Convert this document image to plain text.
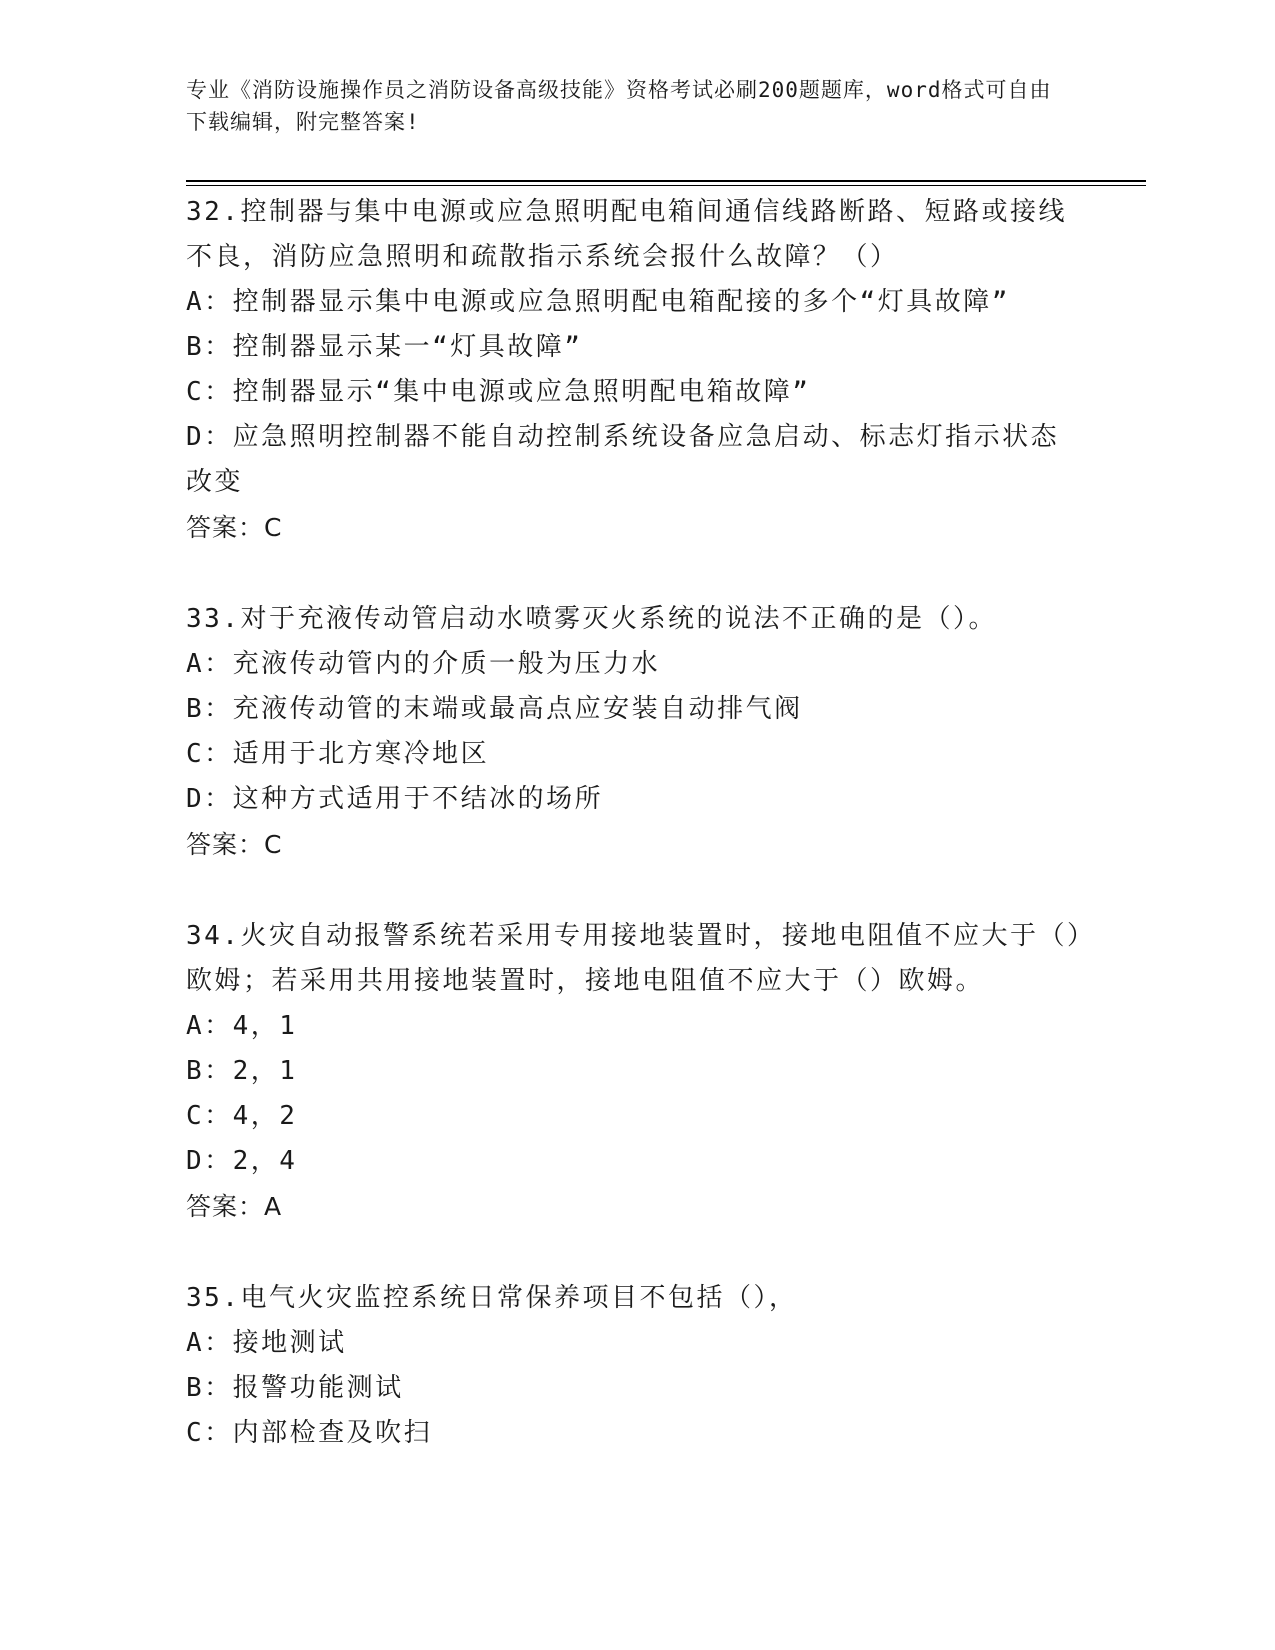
专业《消防设施操作员之消防设备高级技能》资格考试必刷200题题库，word格式可自由下载编辑，附完整答案!
32.控制器与集中电源或应急照明配电箱间通信线路断路、短路或接线不良，消防应急照明和疏散指示系统会报什么故障？（）
A：控制器显示集中电源或应急照明配电箱配接的多个“灯具故障”
B：控制器显示某一“灯具故障”
C：控制器显示“集中电源或应急照明配电箱故障”
D：应急照明控制器不能自动控制系统设备应急启动、标志灯指示状态改变
答案：C
33.对于充液传动管启动水喷雾灭火系统的说法不正确的是（）。
A：充液传动管内的介质一般为压力水
B：充液传动管的末端或最高点应安装自动排气阀
C：适用于北方寒冷地区
D：这种方式适用于不结冰的场所
答案：C
34.火灾自动报警系统若采用专用接地装置时，接地电阻值不应大于（）欧姆；若采用共用接地装置时，接地电阻值不应大于（）欧姆。
A：4，1
B：2，1
C：4，2
D：2，4
答案：A
35.电气火灾监控系统日常保养项目不包括（），
A：接地测试
B：报警功能测试
C：内部检查及吹扫
